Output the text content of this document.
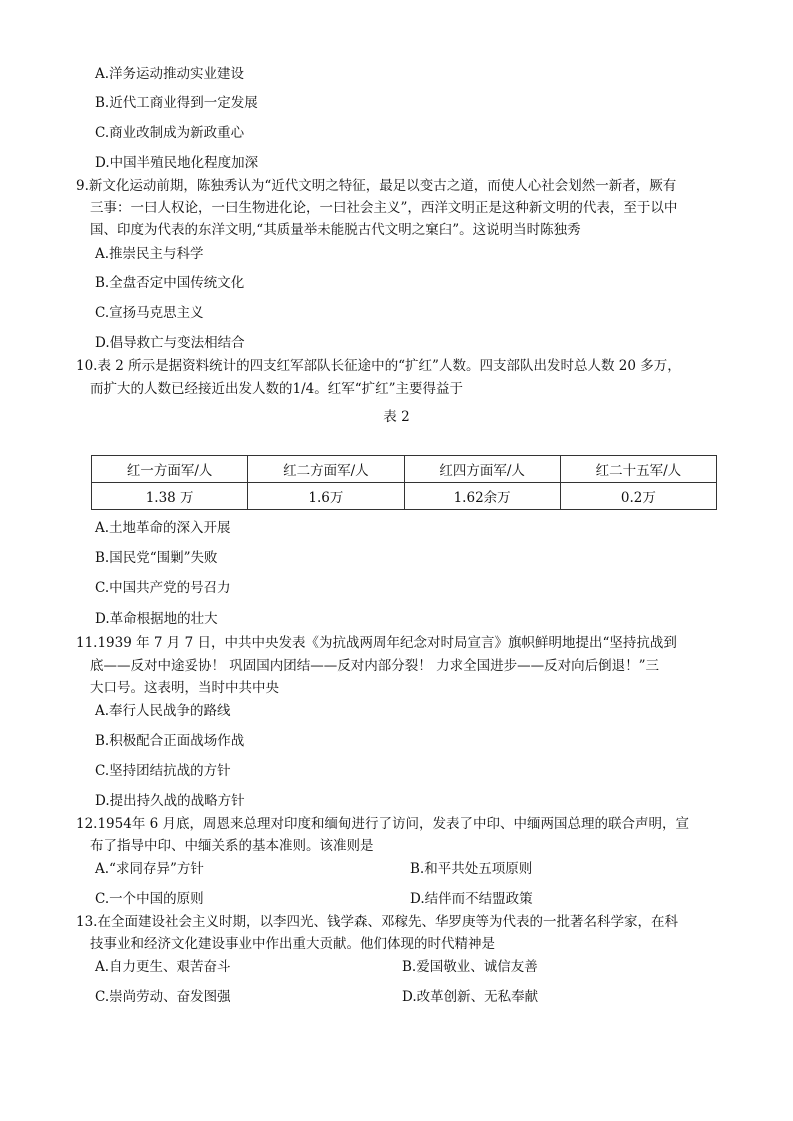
A.洋务运动推动实业建设
B.近代工商业得到一定发展
C.商业改制成为新政重心
D.中国半殖民地化程度加深
9.新文化运动前期，陈独秀认为“近代文明之特征，最足以变古之道，而使人心社会划然一新者，厥有
三事：一曰人权论，一曰生物进化论，一曰社会主义”，西洋文明正是这种新文明的代表，至于以中
国、印度为代表的东洋文明,“其质量举未能脱古代文明之窠臼”。这说明当时陈独秀
A.推崇民主与科学
B.全盘否定中国传统文化
C.宣扬马克思主义
D.倡导救亡与变法相结合
10.表 2 所示是据资料统计的四支红军部队长征途中的“扩红”人数。四支部队出发时总人数 20 多万，
而扩大的人数已经接近出发人数的1/4。红军“扩红”主要得益于
表 2
红一方面军/人	红二方面军/人	红四方面军/人	红二十五军/人
1.38 万	1.6万	1.62余万	0.2万
A.土地革命的深入开展
B.国民党“围剿”失败
C.中国共产党的号召力
D.革命根据地的壮大
11.1939 年 7 月 7 日，中共中央发表《为抗战两周年纪念对时局宣言》旗帜鲜明地提出“坚持抗战到
底——反对中途妥协！ 巩固国内团结——反对内部分裂！ 力求全国进步——反对向后倒退！”三
大口号。这表明，当时中共中央
A.奉行人民战争的路线
B.积极配合正面战场作战
C.坚持团结抗战的方针
D.提出持久战的战略方针
12.1954年 6 月底，周恩来总理对印度和缅甸进行了访问，发表了中印、中缅两国总理的联合声明，宣
布了指导中印、中缅关系的基本准则。该准则是
A.“求同存异”方针	B.和平共处五项原则
C.一个中国的原则	D.结伴而不结盟政策
13.在全面建设社会主义时期，以李四光、钱学森、邓稼先、华罗庚等为代表的一批著名科学家，在科
技事业和经济文化建设事业中作出重大贡献。他们体现的时代精神是
A.自力更生、艰苦奋斗	B.爱国敬业、诚信友善
C.崇尚劳动、奋发图强	D.改革创新、无私奉献
